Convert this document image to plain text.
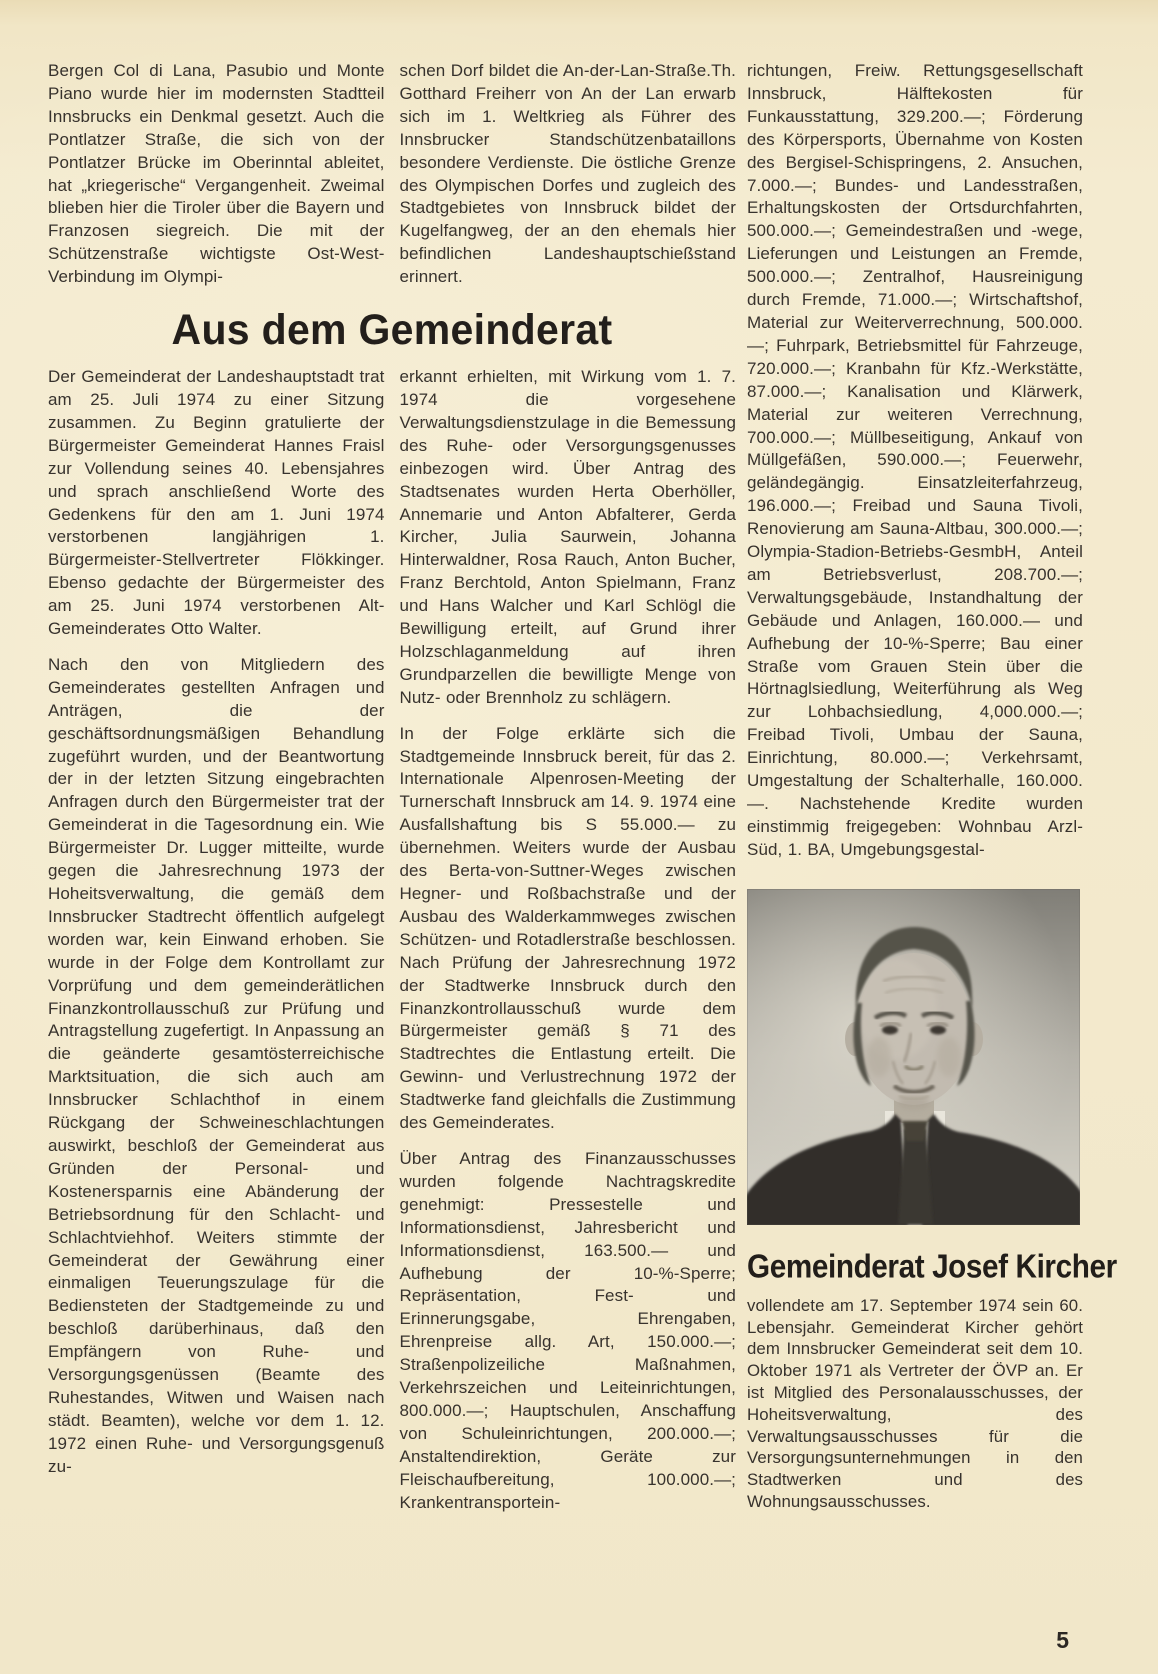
Bergen Col di Lana, Pasubio und Monte Piano wurde hier im modernsten Stadtteil Innsbrucks ein Denkmal gesetzt. Auch die Pontlatzer Straße, die sich von der Pontlatzer Brücke im Oberinntal ableitet, hat „kriegerische“ Vergangenheit. Zweimal blieben hier die Tiroler über die Bayern und Franzosen siegreich. Die mit der Schützenstraße wichtigste Ost-West-Verbindung im Olympi-

Th.
schen Dorf bildet die An-der-Lan-Straße. Gotthard Freiherr von An der Lan erwarb sich im 1. Weltkrieg als Führer des Innsbrucker Standschützenbataillons besondere Verdienste. Die östliche Grenze des Olympischen Dorfes und zugleich des Stadtgebietes von Innsbruck bildet der Kugelfangweg, der an den ehemals hier befindlichen Landeshauptschießstand erinnert.

Aus dem Gemeinderat

Der Gemeinderat der Landeshauptstadt trat am 25. Juli 1974 zu einer Sitzung zusammen. Zu Beginn gratulierte der Bürgermeister Gemeinderat Hannes Fraisl zur Vollendung seines 40. Lebensjahres und sprach anschließend Worte des Gedenkens für den am 1. Juni 1974 verstorbenen langjährigen 1. Bürgermeister-Stellvertreter Flökkinger. Ebenso gedachte der Bürgermeister des am 25. Juni 1974 verstorbenen Alt-Gemeinderates Otto Walter.

Nach den von Mitgliedern des Gemeinderates gestellten Anfragen und Anträgen, die der geschäftsordnungsmäßigen Behandlung zugeführt wurden, und der Beantwortung der in der letzten Sitzung eingebrachten Anfragen durch den Bürgermeister trat der Gemeinderat in die Tagesordnung ein. Wie Bürgermeister Dr. Lugger mitteilte, wurde gegen die Jahresrechnung 1973 der Hoheitsverwaltung, die gemäß dem Innsbrucker Stadtrecht öffentlich aufgelegt worden war, kein Einwand erhoben. Sie wurde in der Folge dem Kontrollamt zur Vorprüfung und dem gemeinderätlichen Finanzkontrollausschuß zur Prüfung und Antragstellung zugefertigt. In Anpassung an die geänderte gesamtösterreichische Marktsituation, die sich auch am Innsbrucker Schlachthof in einem Rückgang der Schweineschlachtungen auswirkt, beschloß der Gemeinderat aus Gründen der Personal- und Kostenersparnis eine Abänderung der Betriebsordnung für den Schlacht- und Schlachtviehhof. Weiters stimmte der Gemeinderat der Gewährung einer einmaligen Teuerungszulage für die Bediensteten der Stadtgemeinde zu und beschloß darüberhinaus, daß den Empfängern von Ruhe- und Versorgungsgenüssen (Beamte des Ruhestandes, Witwen und Waisen nach städt. Beamten), welche vor dem 1. 12. 1972 einen Ruhe- und Versorgungsgenuß zu-

erkannt erhielten, mit Wirkung vom 1. 7. 1974 die vorgesehene Verwaltungsdienstzulage in die Bemessung des Ruhe- oder Versorgungsgenusses einbezogen wird. Über Antrag des Stadtsenates wurden Herta Oberhöller, Annemarie und Anton Abfalterer, Gerda Kircher, Julia Saurwein, Johanna Hinterwaldner, Rosa Rauch, Anton Bucher, Franz Berchtold, Anton Spielmann, Franz und Hans Walcher und Karl Schlögl die Bewilligung erteilt, auf Grund ihrer Holzschlaganmeldung auf ihren Grundparzellen die bewilligte Menge von Nutz- oder Brennholz zu schlägern.

In der Folge erklärte sich die Stadtgemeinde Innsbruck bereit, für das 2. Internationale Alpenrosen-Meeting der Turnerschaft Innsbruck am 14. 9. 1974 eine Ausfallshaftung bis S 55.000.— zu übernehmen. Weiters wurde der Ausbau des Berta-von-Suttner-Weges zwischen Hegner- und Roßbachstraße und der Ausbau des Walderkammweges zwischen Schützen- und Rotadlerstraße beschlossen. Nach Prüfung der Jahresrechnung 1972 der Stadtwerke Innsbruck durch den Finanzkontrollausschuß wurde dem Bürgermeister gemäß § 71 des Stadtrechtes die Entlastung erteilt. Die Gewinn- und Verlustrechnung 1972 der Stadtwerke fand gleichfalls die Zustimmung des Gemeinderates.

Über Antrag des Finanzausschusses wurden folgende Nachtragskredite genehmigt: Pressestelle und Informationsdienst, Jahresbericht und Informationsdienst, 163.500.— und Aufhebung der 10-%-Sperre; Repräsentation, Fest- und Erinnerungsgabe, Ehrengaben, Ehrenpreise allg. Art, 150.000.—; Straßenpolizeiliche Maßnahmen, Verkehrszeichen und Leiteinrichtungen, 800.000.—; Hauptschulen, Anschaffung von Schuleinrichtungen, 200.000.—; Anstaltendirektion, Geräte zur Fleischaufbereitung, 100.000.—; Krankentransportein-

richtungen, Freiw. Rettungsgesellschaft Innsbruck, Hälftekosten für Funkausstattung, 329.200.—; Förderung des Körpersports, Übernahme von Kosten des Bergisel-Schispringens, 2. Ansuchen, 7.000.—; Bundes- und Landesstraßen, Erhaltungskosten der Ortsdurchfahrten, 500.000.—; Gemeindestraßen und -wege, Lieferungen und Leistungen an Fremde, 500.000.—; Zentralhof, Hausreinigung durch Fremde, 71.000.—; Wirtschaftshof, Material zur Weiterverrechnung, 500.000.—; Fuhrpark, Betriebsmittel für Fahrzeuge, 720.000.—; Kranbahn für Kfz.-Werkstätte, 87.000.—; Kanalisation und Klärwerk, Material zur weiteren Verrechnung, 700.000.—; Müllbeseitigung, Ankauf von Müllgefäßen, 590.000.—; Feuerwehr, geländegängig. Einsatzleiterfahrzeug, 196.000.—; Freibad und Sauna Tivoli, Renovierung am Sauna-Altbau, 300.000.—; Olympia-Stadion-Betriebs-GesmbH, Anteil am Betriebsverlust, 208.700.—; Verwaltungsgebäude, Instandhaltung der Gebäude und Anlagen, 160.000.— und Aufhebung der 10-%-Sperre; Bau einer Straße vom Grauen Stein über die Hörtnaglsiedlung, Weiterführung als Weg zur Lohbachsiedlung, 4,000.000.—; Freibad Tivoli, Umbau der Sauna, Einrichtung, 80.000.—; Verkehrsamt, Umgestaltung der Schalterhalle, 160.000.—. Nachstehende Kredite wurden einstimmig freigegeben: Wohnbau Arzl-Süd, 1. BA, Umgebungsgestal-

Gemeinderat Josef Kircher

vollendete am 17. September 1974 sein 60. Lebensjahr. Gemeinderat Kircher gehört dem Innsbrucker Gemeinderat seit dem 10. Oktober 1971 als Vertreter der ÖVP an. Er ist Mitglied des Personalausschusses, der Hoheitsverwaltung, des Verwaltungsausschusses für die Versorgungsunternehmungen in den Stadtwerken und des Wohnungsausschusses.

5
